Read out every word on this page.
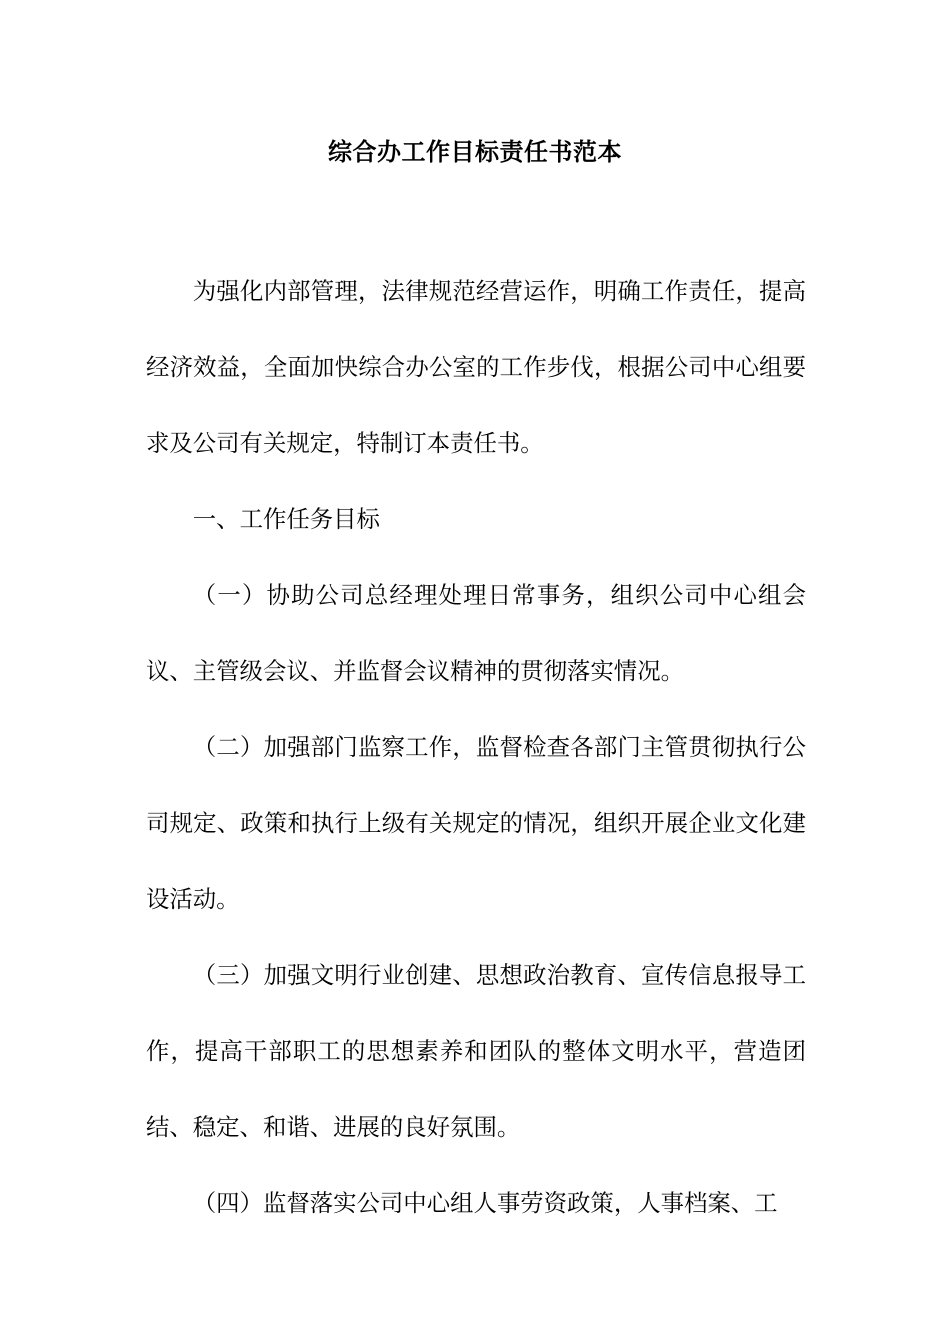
综合办工作目标责任书范本

为强化内部管理，法律规范经营运作，明确工作责任，提高经济效益，全面加快综合办公室的工作步伐，根据公司中心组要求及公司有关规定，特制订本责任书。

一、工作任务目标

（一）协助公司总经理处理日常事务，组织公司中心组会议、主管级会议、并监督会议精神的贯彻落实情况。

（二）加强部门监察工作，监督检查各部门主管贯彻执行公司规定、政策和执行上级有关规定的情况，组织开展企业文化建设活动。

（三）加强文明行业创建、思想政治教育、宣传信息报导工作，提高干部职工的思想素养和团队的整体文明水平，营造团结、稳定、和谐、进展的良好氛围。

（四）监督落实公司中心组人事劳资政策，人事档案、工
